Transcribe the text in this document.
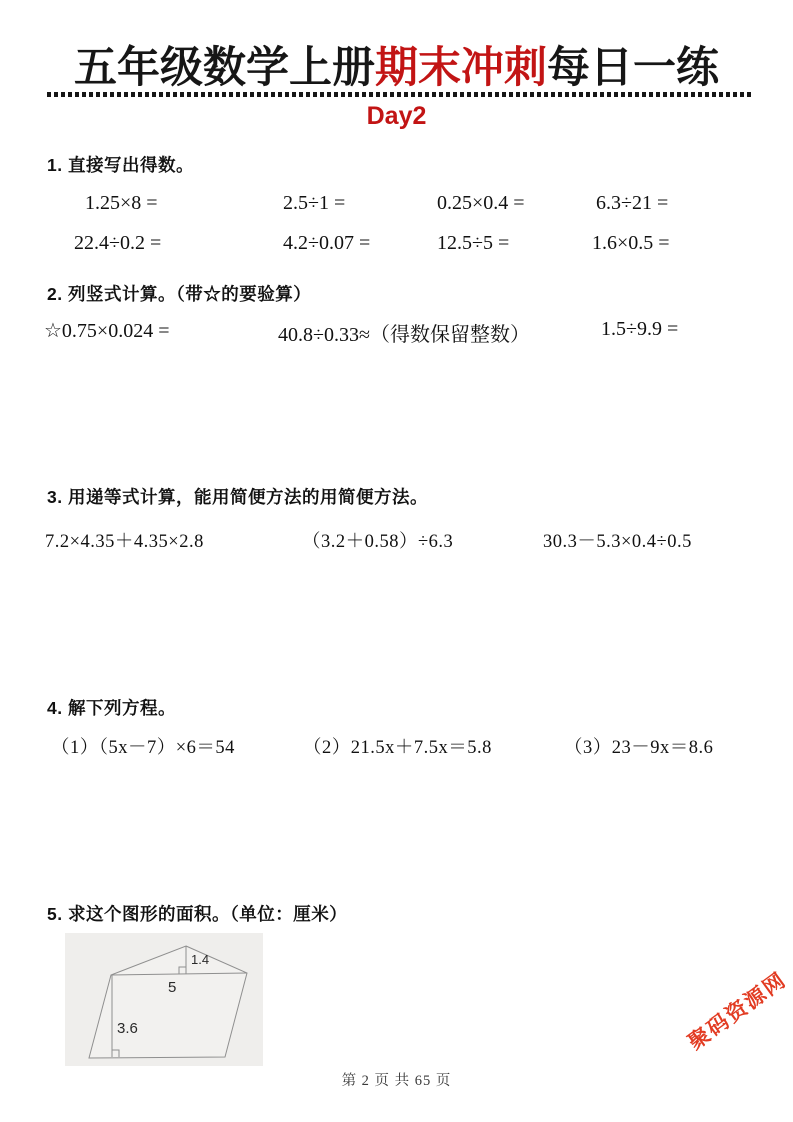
五年级数学上册期末冲刺每日一练
Day2
1. 直接写出得数。
1.25×8 =	2.5÷1 =	0.25×0.4 =	6.3÷21 =
22.4÷0.2 =	4.2÷0.07 =	12.5÷5 =	1.6×0.5 =
2. 列竖式计算。（带☆的要验算）
☆0.75×0.024 =	40.8÷0.33≈（得数保留整数）	1.5÷9.9 =
3. 用递等式计算，能用简便方法的用简便方法。
7.2×4.35＋4.35×2.8	（3.2＋0.58）÷6.3	30.3－5.3×0.4÷0.5
4. 解下列方程。
（1）（5x－7）×6＝54	（2）21.5x＋7.5x＝5.8	（3）23－9x＝8.6
5. 求这个图形的面积。（单位：厘米）
1.4
5
3.6
第 2 页 共 65 页
聚码资源网
